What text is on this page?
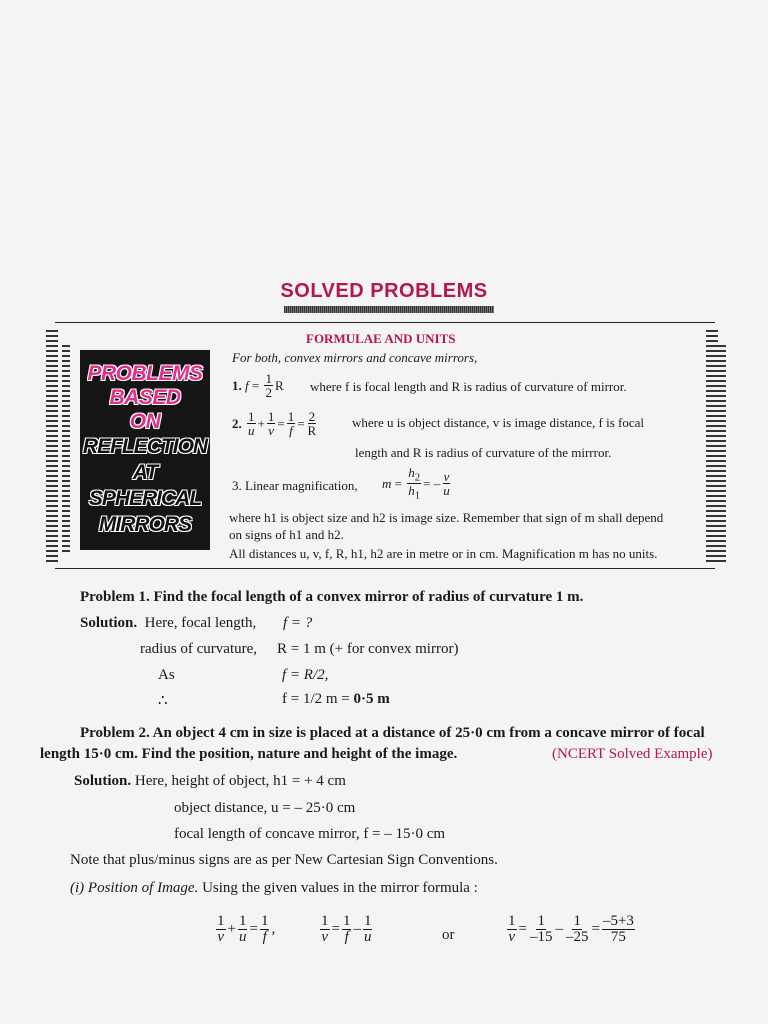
SOLVED PROBLEMS
PROBLEMS
BASED
ON
REFLECTION AT
SPHERICAL
MIRRORS
FORMULAE AND UNITS
For both, convex mirrors and concave mirrors,
1.
$f = \frac{1}{2}$ R where f is focal length and R is radius of curvature of mirror.
2.
$\frac{1}{u} + \frac{1}{v} = \frac{1}{f} = \frac{2}{R}$	where u is object distance, v is image distance, f is focal
length and R is radius of curvature of the mirrror.
3. Linear magnification, $m = \frac{h_2}{h_1}$ = – $\frac{v}{u}$
where h1 is object size and h2 is image size. Remember that sign of m shall depend
on signs of h1 and h2.
All distances u, v, f, R, h1, h2 are in metre or in cm. Magnification m has no units.
Problem 1. Find the focal length of a convex mirror of radius of curvature 1 m.
Solution. Here, focal length, f = ?
radius of curvature, R = 1 m (+ for convex mirror)
As	f = R/2,
∴	f = 1/2 m = 0·5 m
Problem 2. An object 4 cm in size is placed at a distance of 25·0 cm from a concave mirror of focal
length 15·0 cm. Find the position, nature and height of the image.	(NCERT Solved Example)
Solution. Here, height of object, h1 = + 4 cm
object distance, u = – 25·0 cm
focal length of concave mirror, f = – 15·0 cm
Note that plus/minus signs are as per New Cartesian Sign Conventions.
(i) Position of Image. Using the given values in the mirror formula :
$\frac{1}{v} + \frac{1}{u} = \frac{1}{f}$ ,	$\frac{1}{v} = \frac{1}{f} - \frac{1}{u}$	or	$\frac{1}{v} = \frac{1}{-15} - \frac{1}{-25} = \frac{-5+3}{75}$
